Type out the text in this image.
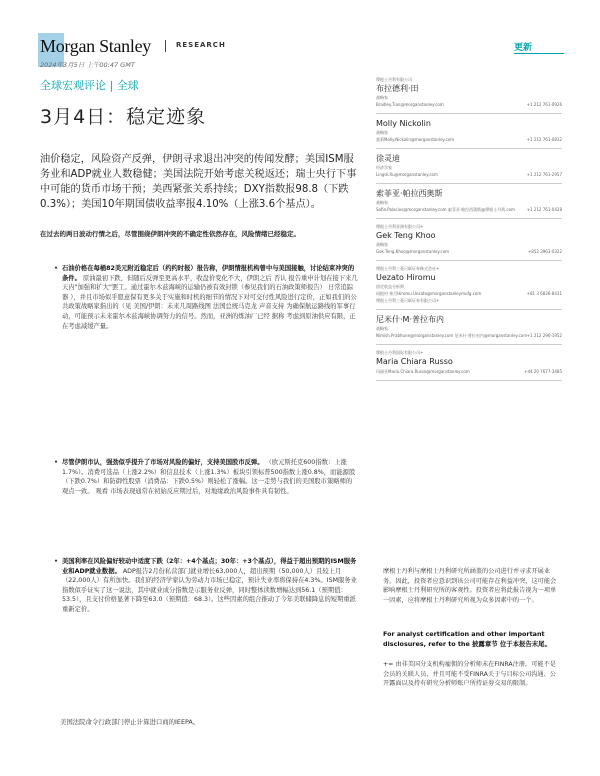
Morgan Stanley	RESEARCH
2024年3月5日 上午00:47 GMT
更新
全球宏观评论 | 全球
3月4日：稳定迹象
油价稳定，风险资产反弹，伊朗寻求退出冲突的传闻发酵；美国ISM服务业和ADP就业人数稳健；美国法院开始考虑关税返还；瑞士央行下事中可能的货币市场干预；美西紧张关系持续；DXY指数报98.8（下跌0.3%）；美国10年期国债收益率报4.10%（上涨3.6个基点）。
在过去的两日波动行情之后，尽管围绕伊朗冲突的不确定性依然存在，风险情绪已经稳定。
• 石油价格在每桶82美元附近稳定后（约约时报）报告称，伊朗情报机构曾中与美国接触，讨论结束冲突的条件。 原油最初下跌，但随后反弹至更高水平，收盘价变化不大，伊朗之后 否认 报告重申计划在接下来几天内"加强和扩大"罢工。通过霍尔木兹海峡的运输仍被有效封锁（参见我们的石油政策师报告） 日常追踪器 ），并且市场似乎愿意保有更多关于实施和时机的细节的情况下对可交付性风险进行定价，正如我们的公共政策战略家指出的（见 美国/伊朗：未来几周路线图 法国总统马克龙 声音支持 为确保航运路线的军事行动，可能预示未来霍尔木兹海峡协调努力的信号。然而，亚洲的炼油厂已经 据称 考虑到原油供应有限，正在考虑减缓产量。
• 尽管伊朗市认，强劲似乎提升了市场对风险的偏好，支持美国股市反弹。 （欧元斯托克600指数：上涨1.7%）。消费可选品（上涨2.2%）和信息技术（上涨1.3%）板块引领标普500指数上涨0.8%，而能源股（下跌0.7%）和防御性股票（消费品：下跌0.5%）则轻松了涨幅。这一走势与我们的美国股市策略师的观点一致。 观看 市场表现通常在初始反应期过后，对地缘政治风险事件具有韧性。
• 美国利率在风险偏好较动中适度下跌（2年：+4个基点；30年：+3个基点），得益于超出预期的ISM服务业和ADP就业数据。 ADP报告2月份私营部门就业增长63,000人，超出预期（50,000人）且较上月（22,000人）有所加快。我们的经济学家认为劳动力市场已稳定，预计失业率将保持在4.3%。ISM服务业指数似乎证实了这一说法，其中就业成分指数是示服务业反弹，同时整体读数增幅达到56.1（预期值：53.5），且支付价格显著下降至63.0（预期值：68.3）。这些因素的组合推动了今年美联储降息的短期重派重新定价。
美国法院命令行政部门停止计算进口商的IEEPA。
摩根士丹利有限公司
布拉德利·田
战略家
Bradley.Tian@morganstanley.com	+1 212 761-0926
Molly Nickolin
战略家
莫莉Molly.Nickolin@morganstanley.com	+1 212 761-0832
徐灵迪
经济学家
Lingdi.Xu@morganstanley.com	+1 212 761-2957
索菲亚·帕拉西奥斯
战略家
Sofia.Palacios@morganstanley.com 索菲亚·帕拉西奥斯@摩根士丹利.com	+1 212 761-0428
摩根士丹利亚洲有限公司+
Gek Teng Khoo
战略家
Gek.Teng.Khoo@morganstanley.com	+852 3963-0322
摩根士丹利三菱日联证券株式会社+
Uezato Hiromu
固定收益分析师
同植村 弗吕Hiromu.Uezato@morganstanleymufg.com	+81 3 6836-8431
摩根士丹利三菱日联证券有限公司+
尼米什·M·普拉布内
战略家
Nimish.Prabhune@morganstanley.com 尼米什·普拉布内@morganstanley.com +1 212 296-1952
摩根士丹利国际有限公司+
Maria Chiara Russo
玛丽亚Maria.Chiara.Russo@morganstanley.com	+44 20 7677-3485
摩根士丹利与摩根士丹利研究所涵盖的公司进行并寻求开展业务。因此，投资者应意识到该公司可能存在利益冲突，这可能会影响摩根士丹利研究所的客观性。投资者应将此报告视为一项单一因素，应将摩根士丹利研究所视为众多因素中的一个。
For analyst certification and other important disclosures, refer to the 披露章节 位于本报告末尾。
+= 由非美国分支机构雇佣的分析师未在FINRA注册，可能不是会员的关联人员，并且可能不受FINRA关于与目标公司沟通、公开露面以及持有研究分析师账户所持证券交易的限制。
